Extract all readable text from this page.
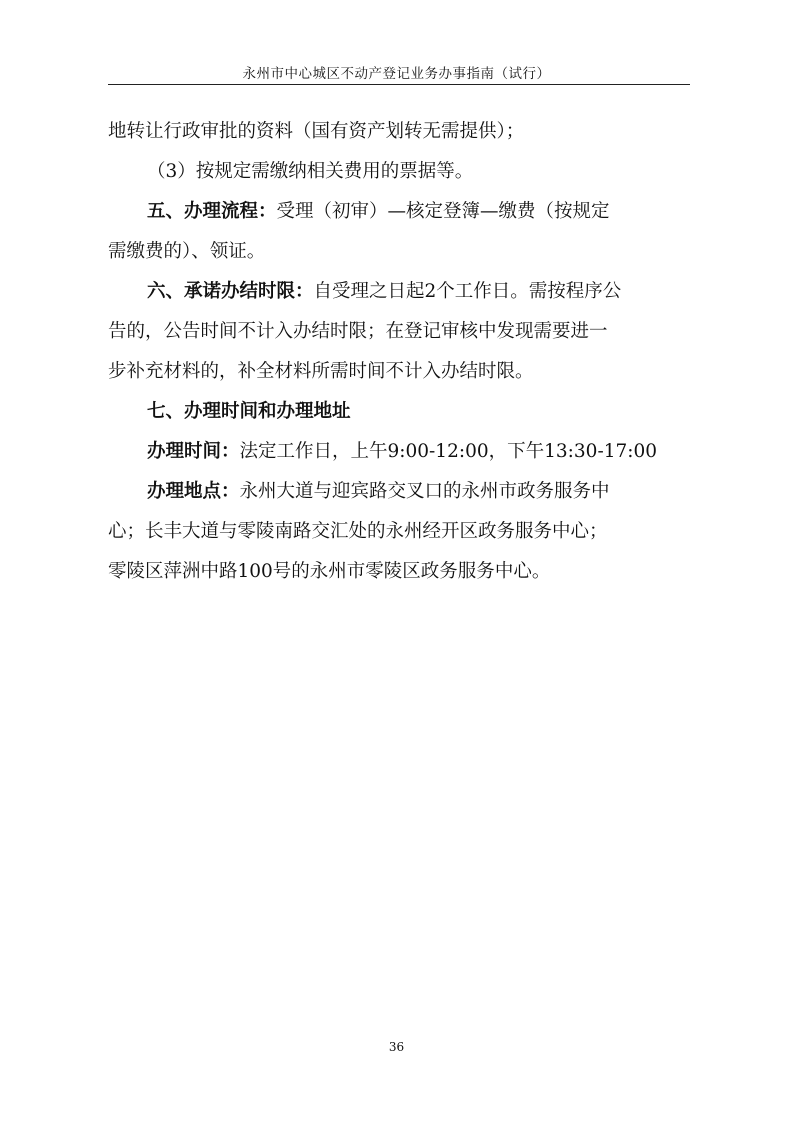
永州市中心城区不动产登记业务办事指南（试行）
地转让行政审批的资料（国有资产划转无需提供）；
（3）按规定需缴纳相关费用的票据等。
五、办理流程：受理（初审）—核定登簿—缴费（按规定
需缴费的）、领证。
六、承诺办结时限：自受理之日起2个工作日。需按程序公
告的，公告时间不计入办结时限；在登记审核中发现需要进一
步补充材料的，补全材料所需时间不计入办结时限。
七、办理时间和办理地址
办理时间：法定工作日，上午9:00-12:00，下午13:30-17:00
办理地点：永州大道与迎宾路交叉口的永州市政务服务中
心；长丰大道与零陵南路交汇处的永州经开区政务服务中心；
零陵区萍洲中路100号的永州市零陵区政务服务中心。
36
